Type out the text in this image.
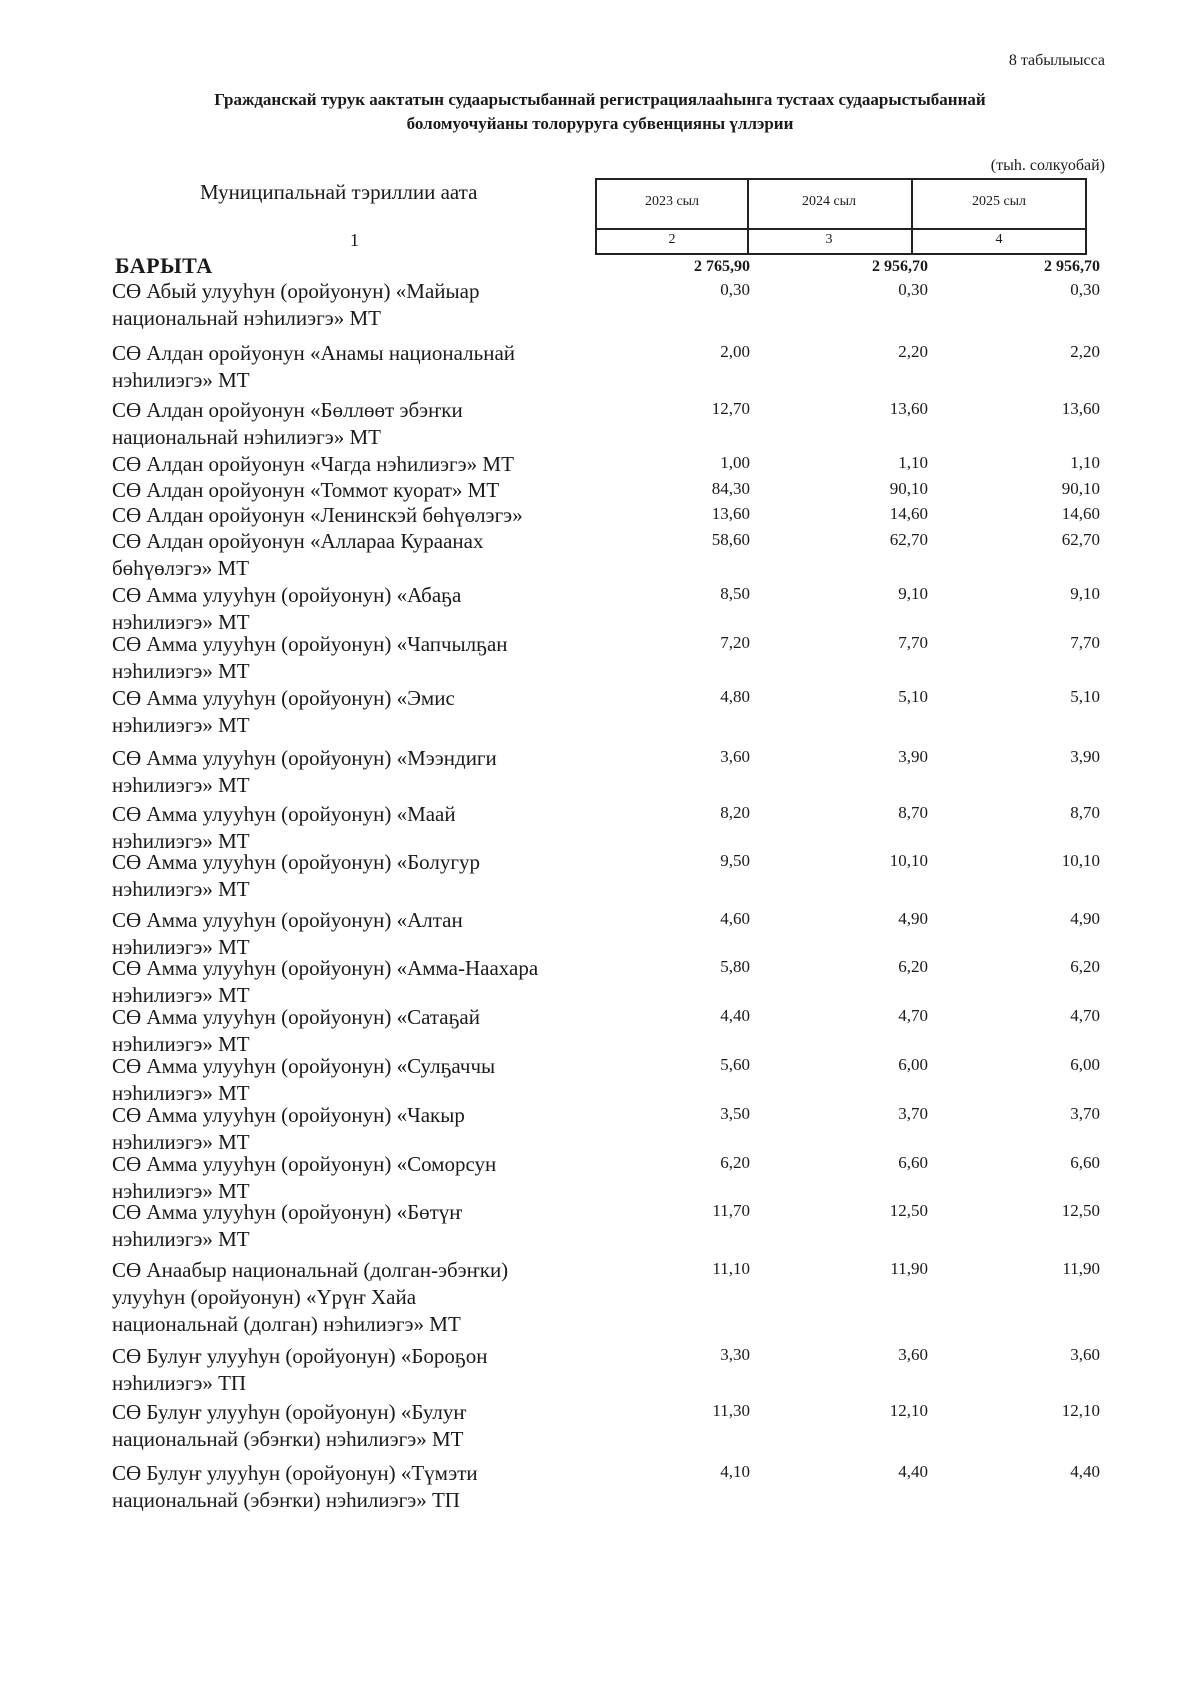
8 табылыысса
Гражданскай турук аактатын судаарыстыбаннай регистрациялааһынга тустаах судаарыстыбаннай
боломуочуйаны толоруруга субвенцияны үллэрии
(тыһ. солкуобай)
Муниципальнай тэриллии аата
1
2023 сыл	2024 сыл	2025 сыл
2	3	4
БАРЫТА	2 765,90	2 956,70	2 956,70
СӨ Абый улууһун (оройуонун) «Майыар
национальнай нэһилиэгэ» МТ
0,30	0,30	0,30
СӨ Алдан оройуонун «Анамы национальнай
нэһилиэгэ» МТ
2,00	2,20	2,20
СӨ Алдан оройуонун «Бөллөөт эбэҥки
национальнай нэһилиэгэ» МТ
12,70	13,60	13,60
СӨ Алдан оройуонун «Чагда нэһилиэгэ» МТ	1,00	1,10	1,10
СӨ Алдан оройуонун «Томмот куорат» МТ	84,30	90,10	90,10
СӨ Алдан оройуонун «Ленинскэй бөһүөлэгэ»	13,60	14,60	14,60
СӨ Алдан оройуонун «Аллараа Кураанах
бөһүөлэгэ» МТ
58,60	62,70	62,70
СӨ Амма улууһун (оройуонун) «Абаҕа
нэһилиэгэ» МТ
8,50	9,10	9,10
СӨ Амма улууһун (оройуонун) «Чапчылҕан
нэһилиэгэ» МТ
7,20	7,70	7,70
СӨ Амма улууһун (оройуонун) «Эмис
нэһилиэгэ» МТ
4,80	5,10	5,10
СӨ Амма улууһун (оройуонун) «Мээндиги
нэһилиэгэ» МТ
3,60	3,90	3,90
СӨ Амма улууһун (оройуонун) «Маай
нэһилиэгэ» МТ
8,20	8,70	8,70
СӨ Амма улууһун (оройуонун) «Болугур
нэһилиэгэ» МТ
9,50	10,10	10,10
СӨ Амма улууһун (оройуонун) «Алтан
нэһилиэгэ» МТ
4,60	4,90	4,90
СӨ Амма улууһун (оройуонун) «Амма-Наахара
нэһилиэгэ» МТ
5,80	6,20	6,20
СӨ Амма улууһун (оройуонун) «Сатаҕай
нэһилиэгэ» МТ
4,40	4,70	4,70
СӨ Амма улууһун (оройуонун) «Сулҕаччы
нэһилиэгэ» МТ
5,60	6,00	6,00
СӨ Амма улууһун (оройуонун) «Чакыр
нэһилиэгэ» МТ
3,50	3,70	3,70
СӨ Амма улууһун (оройуонун) «Соморсун
нэһилиэгэ» МТ
6,20	6,60	6,60
СӨ Амма улууһун (оройуонун) «Бөтүҥ
нэһилиэгэ» МТ
11,70	12,50	12,50
СӨ Анаабыр национальнай (долган-эбэҥки)
улууһун (оройуонун) «Үрүҥ Хайа
национальнай (долган) нэһилиэгэ» МТ
11,10	11,90	11,90
СӨ Булуҥ улууһун (оройуонун) «Бороҕон
нэһилиэгэ» ТП
3,30	3,60	3,60
СӨ Булуҥ улууһун (оройуонун) «Булуҥ
национальнай (эбэҥки) нэһилиэгэ» МТ
11,30	12,10	12,10
СӨ Булуҥ улууһун (оройуонун) «Түмэти
национальнай (эбэҥки) нэһилиэгэ» ТП
4,10	4,40	4,40
